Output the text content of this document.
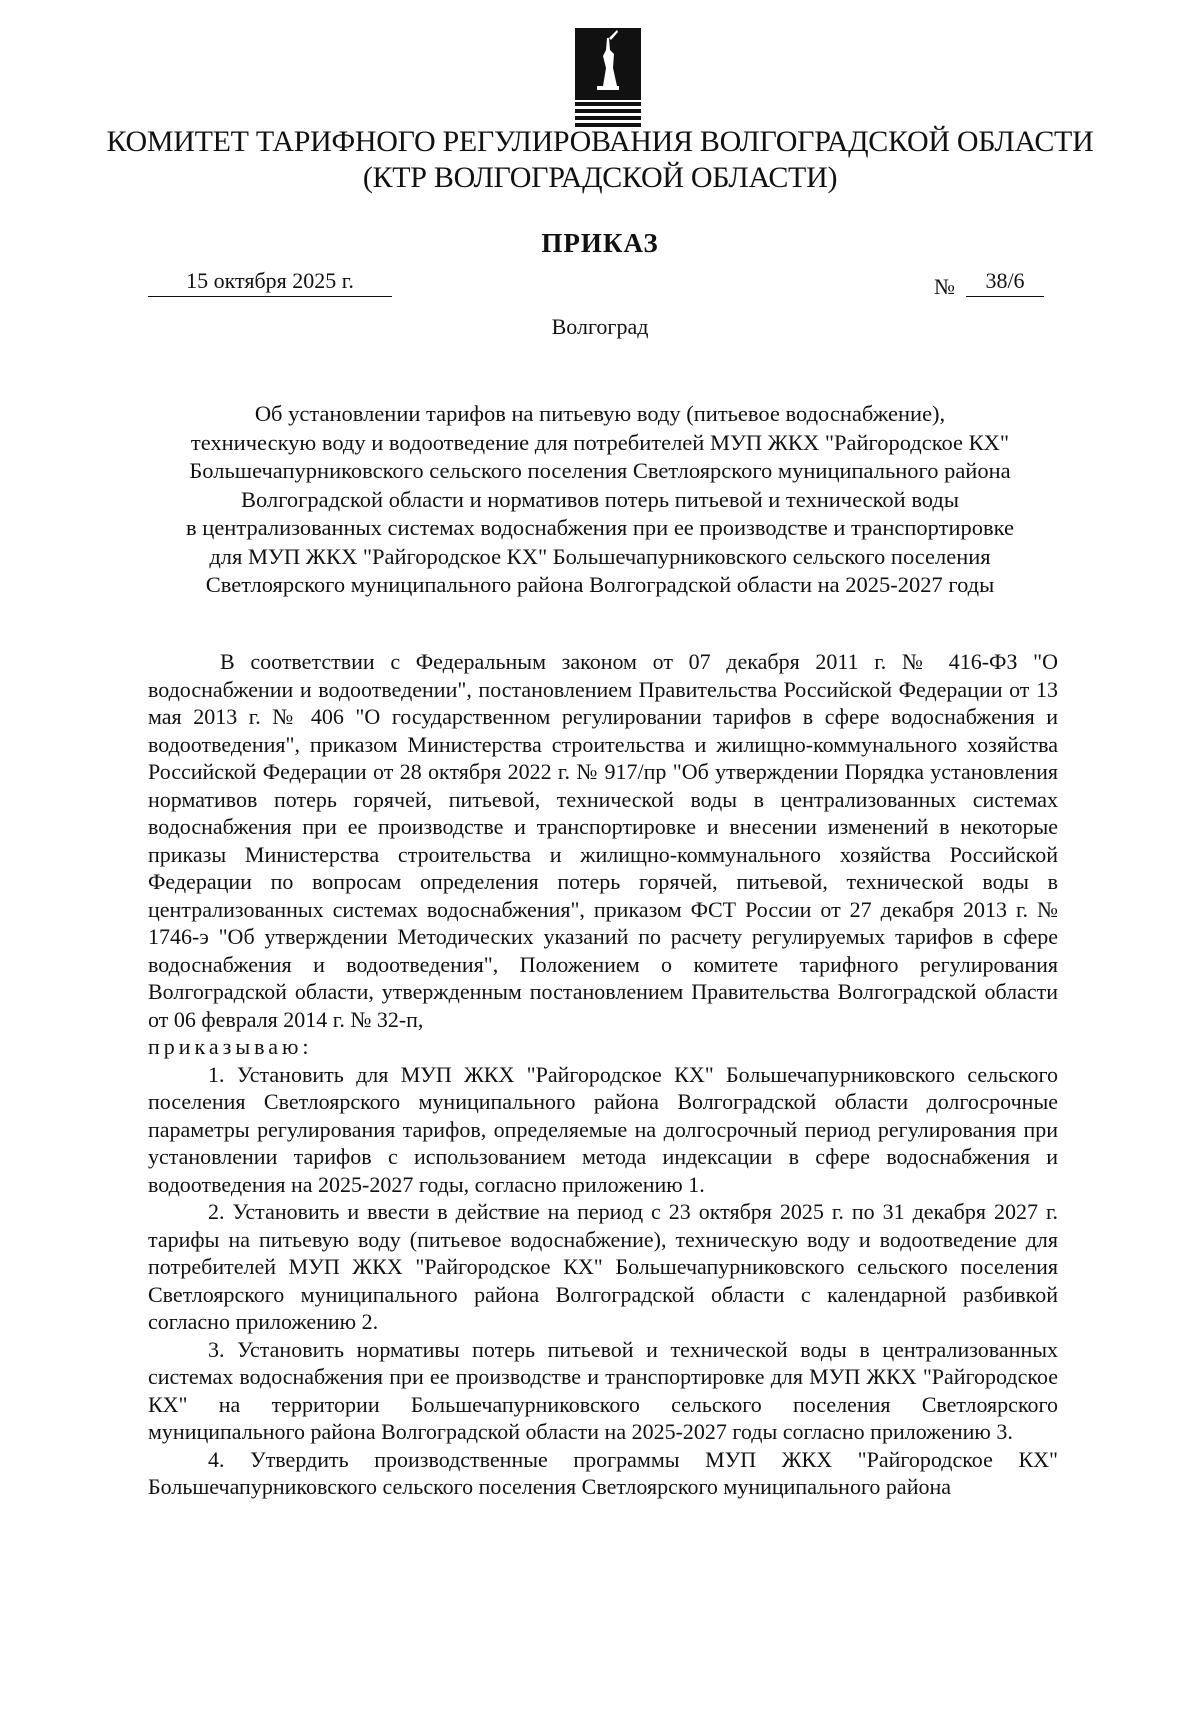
КОМИТЕТ ТАРИФНОГО РЕГУЛИРОВАНИЯ ВОЛГОГРАДСКОЙ ОБЛАСТИ
(КТР ВОЛГОГРАДСКОЙ ОБЛАСТИ)
ПРИКАЗ
15 октября 2025 г.	№	38/6
Волгоград
Об установлении тарифов на питьевую воду (питьевое водоснабжение),
техническую воду и водоотведение для потребителей МУП ЖКХ "Райгородское КХ"
Большечапурниковского сельского поселения Светлоярского муниципального района
Волгоградской области и нормативов потерь питьевой и технической воды
в централизованных системах водоснабжения при ее производстве и транспортировке
для МУП ЖКХ "Райгородское КХ" Большечапурниковского сельского поселения
Светлоярского муниципального района Волгоградской области на 2025-2027 годы

В соответствии с Федеральным законом от 07 декабря 2011 г. № 416-ФЗ "О водоснабжении и водоотведении", постановлением Правительства Российской Федерации от 13 мая 2013 г. № 406 "О государственном регулировании тарифов в сфере водоснабжения и водоотведения", приказом Министерства строительства и жилищно-коммунального хозяйства Российской Федерации от 28 октября 2022 г. № 917/пр "Об утверждении Порядка установления нормативов потерь горячей, питьевой, технической воды в централизованных системах водоснабжения при ее производстве и транспортировке и внесении изменений в некоторые приказы Министерства строительства и жилищно-коммунального хозяйства Российской Федерации по вопросам определения потерь горячей, питьевой, технической воды в централизованных системах водоснабжения", приказом ФСТ России от 27 декабря 2013 г. № 1746-э "Об утверждении Методических указаний по расчету регулируемых тарифов в сфере водоснабжения и водоотведения", Положением о комитете тарифного регулирования Волгоградской области, утвержденным постановлением Правительства Волгоградской области от 06 февраля 2014 г. № 32-п,

приказываю:

1. Установить для МУП ЖКХ "Райгородское КХ" Большечапурниковского сельского поселения Светлоярского муниципального района Волгоградской области долгосрочные параметры регулирования тарифов, определяемые на долгосрочный период регулирования при установлении тарифов с использованием метода индексации в сфере водоснабжения и водоотведения на 2025-2027 годы, согласно приложению 1.

2. Установить и ввести в действие на период с 23 октября 2025 г. по 31 декабря 2027 г. тарифы на питьевую воду (питьевое водоснабжение), техническую воду и водоотведение для потребителей МУП ЖКХ "Райгородское КХ" Большечапурниковского сельского поселения Светлоярского муниципального района Волгоградской области с календарной разбивкой согласно приложению 2.

3. Установить нормативы потерь питьевой и технической воды в централизованных системах водоснабжения при ее производстве и транспортировке для МУП ЖКХ "Райгородское КХ" на территории Большечапурниковского сельского поселения Светлоярского муниципального района Волгоградской области на 2025-2027 годы согласно приложению 3.

4. Утвердить производственные программы МУП ЖКХ "Райгородское КХ" Большечапурниковского сельского поселения Светлоярского муниципального района
